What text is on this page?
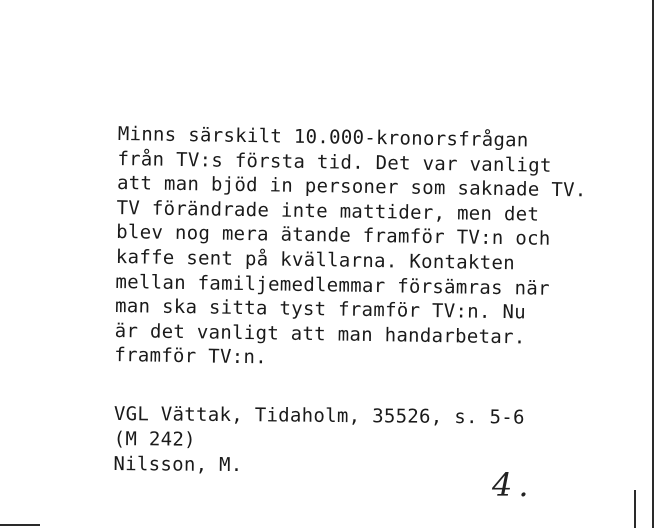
Minns särskilt 10.000-kronorsfrågan
från TV:s första tid. Det var vanligt
att man bjöd in personer som saknade TV.
TV förändrade inte mattider, men det
blev nog mera ätande framför TV:n och
kaffe sent på kvällarna. Kontakten
mellan familjemedlemmar försämras när
man ska sitta tyst framför TV:n. Nu
är det vanligt att man handarbetar.
framför TV:n.
VGL Vättak, Tidaholm, 35526, s. 5-6
(M 242)
Nilsson, M.
4.
